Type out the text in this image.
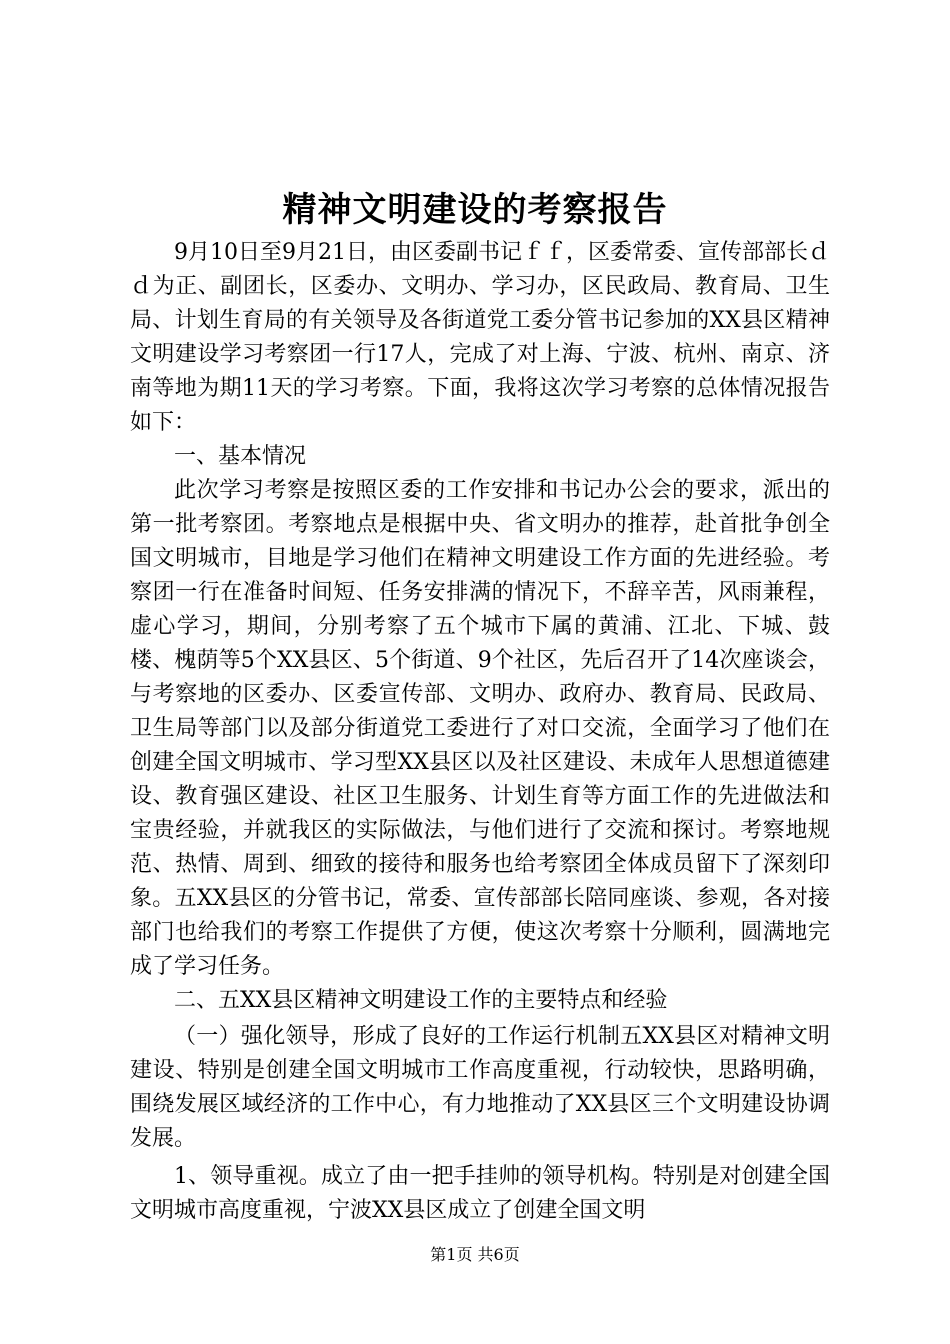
精神文明建设的考察报告

9月10日至9月21日，由区委副书记ｆｆ，区委常委、宣传部部长ｄｄ为正、副团长，区委办、文明办、学习办，区民政局、教育局、卫生局、计划生育局的有关领导及各街道党工委分管书记参加的XX县区精神文明建设学习考察团一行17人，完成了对上海、宁波、杭州、南京、济南等地为期11天的学习考察。下面，我将这次学习考察的总体情况报告如下：

一、基本情况

此次学习考察是按照区委的工作安排和书记办公会的要求，派出的第一批考察团。考察地点是根据中央、省文明办的推荐，赴首批争创全国文明城市，目地是学习他们在精神文明建设工作方面的先进经验。考察团一行在准备时间短、任务安排满的情况下，不辞辛苦，风雨兼程，虚心学习，期间，分别考察了五个城市下属的黄浦、江北、下城、鼓楼、槐荫等5个XX县区、5个街道、9个社区，先后召开了14次座谈会，与考察地的区委办、区委宣传部、文明办、政府办、教育局、民政局、卫生局等部门以及部分街道党工委进行了对口交流，全面学习了他们在创建全国文明城市、学习型XX县区以及社区建设、未成年人思想道德建设、教育强区建设、社区卫生服务、计划生育等方面工作的先进做法和宝贵经验，并就我区的实际做法，与他们进行了交流和探讨。考察地规范、热情、周到、细致的接待和服务也给考察团全体成员留下了深刻印象。五XX县区的分管书记，常委、宣传部部长陪同座谈、参观，各对接部门也给我们的考察工作提供了方便，使这次考察十分顺利，圆满地完成了学习任务。

二、五XX县区精神文明建设工作的主要特点和经验

（一）强化领导，形成了良好的工作运行机制五XX县区对精神文明建设、特别是创建全国文明城市工作高度重视，行动较快，思路明确，围绕发展区域经济的工作中心，有力地推动了XX县区三个文明建设协调发展。

1、领导重视。成立了由一把手挂帅的领导机构。特别是对创建全国文明城市高度重视，宁波XX县区成立了创建全国文明

第1页 共6页
